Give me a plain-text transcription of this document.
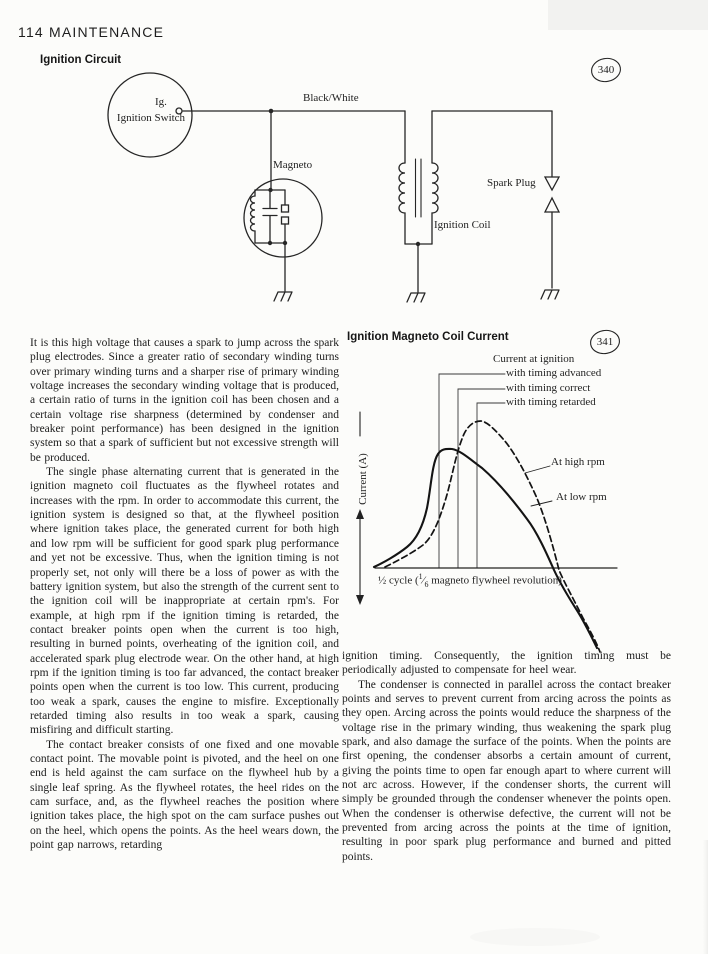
114 MAINTENANCE
Ignition Circuit
Ig.
Ignition Switch
Black/White
Magneto
Ignition Coil
Spark Plug
340
Ignition Magneto Coil Current	341
Current at ignition
with timing advanced
with timing correct
with timing retarded
At high rpm
At low rpm
Current (A)
½ cycle ($^1⁄_6$ magneto flywheel revolution)

It is this high voltage that causes a spark to jump across the spark plug electrodes. Since a greater ratio of secondary winding turns over primary winding turns and a sharper rise of primary winding voltage increases the secondary winding voltage that is produced, a certain ratio of turns in the ignition coil has been chosen and a certain voltage rise sharpness (determined by condenser and breaker point performance) has been designed in the ignition system so that a spark of sufficient but not excessive strength will be produced.

The single phase alternating current that is generated in the ignition magneto coil fluctuates as the flywheel rotates and increases with the rpm. In order to accommodate this current, the ignition system is designed so that, at the flywheel position where ignition takes place, the generated current for both high and low rpm will be sufficient for good spark plug performance and yet not be excessive. Thus, when the ignition timing is not properly set, not only will there be a loss of power as with the battery ignition system, but also the strength of the current sent to the ignition coil will be inappropriate at certain rpm's. For example, at high rpm if the ignition timing is retarded, the contact breaker points open when the current is too high, resulting in burned points, overheating of the ignition coil, and accelerated spark plug electrode wear. On the other hand, at high rpm if the ignition timing is too far advanced, the contact breaker points open when the current is too low. This current, producing too weak a spark, causes the engine to misfire. Exceptionally retarded timing also results in too weak a spark, causing misfiring and difficult starting.

The contact breaker consists of one fixed and one movable contact point. The movable point is pivoted, and the heel on one end is held against the cam surface on the flywheel hub by a single leaf spring. As the flywheel rotates, the heel rides on the cam surface, and, as the flywheel reaches the position where ignition takes place, the high spot on the cam surface pushes out on the heel, which opens the points. As the heel wears down, the point gap narrows, retarding

ignition timing. Consequently, the ignition timing must be periodically adjusted to compensate for heel wear.

The condenser is connected in parallel across the contact breaker points and serves to prevent current from arcing across the points as they open. Arcing across the points would reduce the sharpness of the voltage rise in the primary winding, thus weakening the spark plug spark, and also damage the surface of the points. When the points are first opening, the condenser absorbs a certain amount of current, giving the points time to open far enough apart to where current will not arc across. However, if the condenser shorts, the current will simply be grounded through the condenser whenever the points open. When the condenser is otherwise defective, the current will not be prevented from arcing across the points at the time of ignition, resulting in poor spark plug performance and burned and pitted points.
